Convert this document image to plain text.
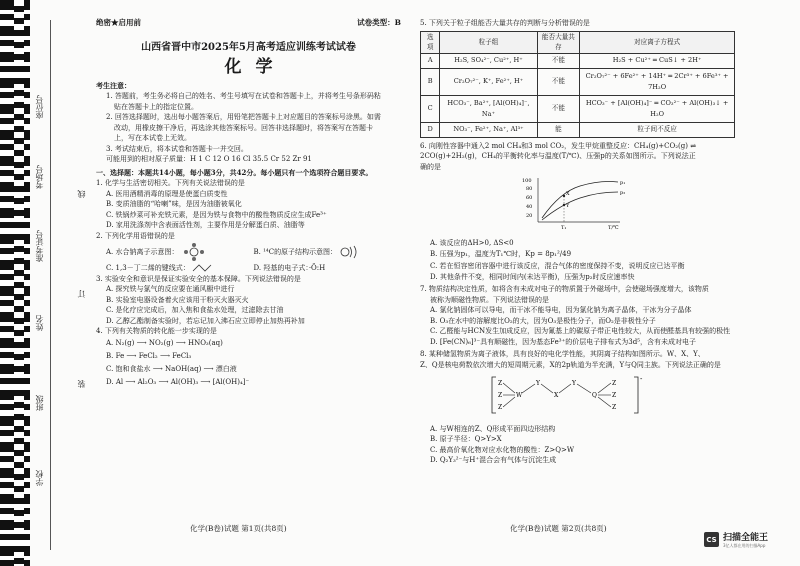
座位号
考场号
准考证号
姓名
班级
学校
线
订
装
绝密★启用前	试卷类型：B
山西省晋中市2025年5月高考适应训练考试试卷
化学
考生注意：
1. 答题前，考生务必将自己的姓名、考生号填写在试卷和答题卡上，并将考生号条形码粘
贴在答题卡上的指定位置。
2. 回答选择题时，选出每小题答案后，用铅笔把答题卡上对应题目的答案标号涂黑。如需
改动，用橡皮擦干净后，再选涂其他答案标号。回答非选择题时，将答案写在答题卡
上，写在本试卷上无效。
3. 考试结束后，将本试卷和答题卡一并交回。
可能用到的相对原子质量：H 1 C 12 O 16 Cl 35.5 Cr 52 Zr 91
一、选择题：本题共14小题，每小题3分，共42分。每小题只有一个选项符合题目要求。
1. 化学与生活密切相关。下列有关说法错误的是
A. 医用酒精消毒的原理是使蛋白质变性
B. 变质油脂的“哈喇”味，是因为油脂被氧化
C. 铁锅炒菜可补充铁元素，是因为铁与食物中的酸性物质反应生成Fe³⁺
D. 家用洗涤剂中含表面活性剂，主要作用是分解蛋白质、油脂等
2. 下列化学用语错误的是
A. 水合钠离子示意图：	B. ¹⁴C的原子结构示意图：
C. 1,3－丁二烯的键线式：	D. 羟基的电子式：·Ö:H
3. 实验安全和意识是保证实验安全的基本保障。下列说法错误的是
A. 探究铁与氯气的反应要在通风橱中进行
B. 实验室电器设备着火应该用干粉灭火器灭火
C. 是化疗应完成后，加入焦和食盐水处理，过滤除去甘油
D. 乙醇乙酯制备实验时，若忘记加入沸石应立即停止加热再补加
4. 下列有关物质的转化能一步实现的是
A. N₂(g) ⟶ NO₂(g) ⟶ HNO₃(aq)
B. Fe ⟶ FeCl₂ ⟶ FeCl₃
C. 饱和食盐水 ⟶ NaOH(aq) ⟶ 漂白液
D. Al ⟶ Al₂O₃ ⟶ Al(OH)₃ ⟶ [Al(OH)₄]⁻
化学(B卷)试题 第1页(共8页)
5. 下列关于粒子组能否大量共存的判断与分析错误的是
选项	粒子组	能否大量共存	对应离子方程式
A	H₂S, SO₄²⁻, Cu²⁺, H⁺	不能	H₂S + Cu²⁺ ═ CuS↓ + 2H⁺
B	Cr₂O₇²⁻, K⁺, Fe²⁺, H⁺	不能	Cr₂O₇²⁻ + 6Fe²⁺ + 14H⁺ ═ 2Cr³⁺ + 6Fe³⁺ + 7H₂O
C	HCO₃⁻, Ba²⁺, [Al(OH)₄]⁻, Na⁺	不能	HCO₃⁻ + [Al(OH)₄]⁻ ═ CO₃²⁻ + Al(OH)₃↓ + H₂O
D	NO₃⁻, Fe²⁺, Na⁺, Al³⁺	能	粒子间不反应
6. 向刚性容器中通入2 mol CH₄和3 mol CO₂，发生甲烷重整反应：CH₄(g)+CO₂(g) ⇌
2CO(g)+2H₂(g)，CH₄的平衡转化率与温度(T/℃)、压强p的关系如图所示。下列说法正
确的是
100
80
60
40
20
X
Y
p₁
p₂
T₁	T/℃
A. 该反应的ΔH>0, ΔS<0
B. 压强为p₁，温度为T₁℃时，Kp = 8p₁²/49
C. 若在恒容密闭容器中进行该反应，混合气体的密度保持不变，说明反应已达平衡
D. 其他条件不变，相同时间内(未达平衡)，压强为p₂时反应速率快
7. 物质结构决定性质，如将含有未成对电子的物质置于外磁场中，会使磁场强度增大，该物质
被称为顺磁性物质。下列说法错误的是
A. 氯化钠固体可以导电，而干冰不能导电，因为氯化钠为离子晶体，干冰为分子晶体
B. O₃在水中的溶解度比O₂的大，因为O₃是极性分子，而O₂是非极性分子
C. 乙醛能与HCN发生加成反应，因为氰基上的碳原子带正电性较大，从而使醛基具有较强的极性
D. [Fe(CN)₆]³⁻具有顺磁性，因为基态Fe³⁺的价层电子排布式为3d⁵，含有未成对电子
8. 某种储氢物质为离子液体，具有良好的电化学性能，其阴离子结构如图所示。W、X、Y、
Z、Q是核电荷数依次增大的短周期元素，X的2p轨道为半充满，Y与Q同主族。下列说法正确的是
-
Z
Z
Z
W
Y
X
Y
Q
Z
Z
Z
A. 与W相连的Z、Q形成平面四边形结构
B. 原子半径：Q>Y>X
C. 最高价氧化物对应水化物的酸性：Z>Q>W
D. Q₂Y₃²⁻与H⁺混合会有气体与沉淀生成
化学(B卷)试题 第2页(共8页)
CS 扫描全能王
3亿人都在用的扫描App
